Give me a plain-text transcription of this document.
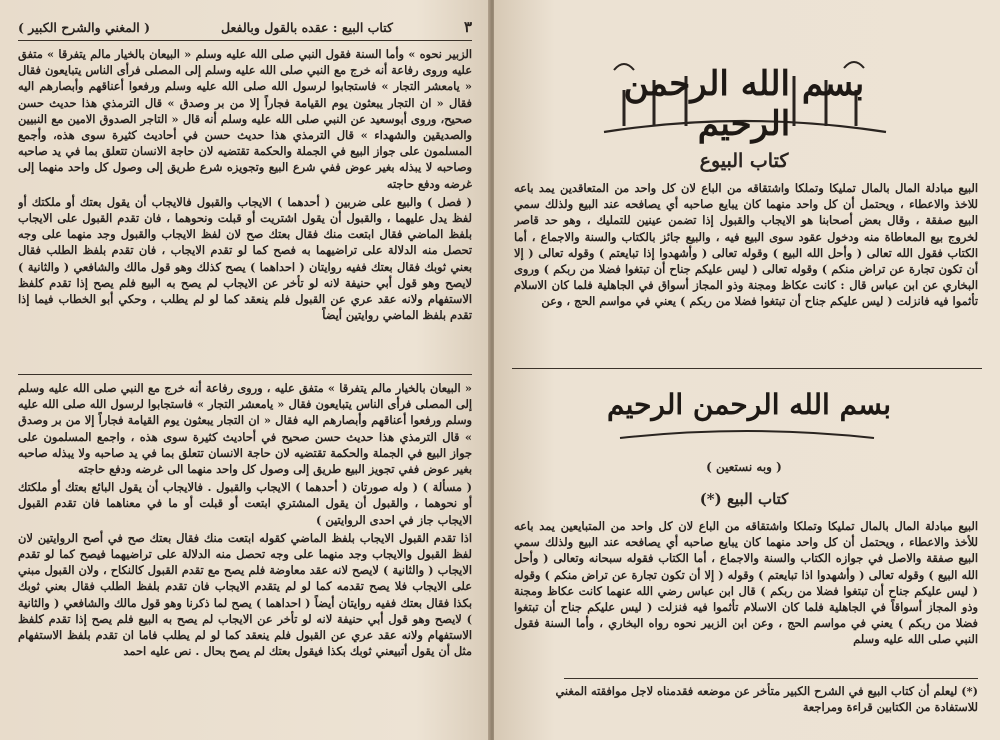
٣
كتاب البيع : عقده بالقول وبالفعل
( المغني والشرح الكبير )

الزبير نحوه » وأما السنة فقول النبي صلى الله عليه وسلم « البيعان بالخيار مالم يتفرقا » متفق عليه وروى رفاعة أنه خرج مع النبي صلى الله عليه وسلم إلى المصلى فرأى الناس يتبايعون فقال « يامعشر التجار » فاستجابوا لرسول الله صلى الله عليه وسلم ورفعوا أعناقهم وأبصارهم اليه فقال « ان التجار يبعثون يوم القيامة فجاراً إلا من بر وصدق » قال الترمذي هذا حديث حسن صحيح، وروى أبوسعيد عن النبي صلى الله عليه وسلم أنه قال « التاجر الصدوق الامين مع النبيين والصديقين والشهداء » قال الترمذي هذا حديث حسن في أحاديث كثيرة سوى هذه، وأجمع المسلمون على جواز البيع في الجملة والحكمة تقتضيه لان حاجة الانسان تتعلق بما في يد صاحبه وصاحبه لا يبذله بغير عوض ففي شرع البيع وتجويزه شرع طريق إلى وصول كل واحد منهما إلى غرضه ودفع حاجته

( فصل ) والبيع على ضربين ( أحدهما ) الايجاب والقبول فالايجاب أن يقول بعتك أو ملكتك أو لفظ يدل عليهما ، والقبول أن يقول اشتريت أو قبلت ونحوهما ، فان تقدم القبول على الايجاب بلفظ الماضي فقال ابتعت منك فقال بعتك صح لان لفظ الايجاب والقبول وجد منهما على وجه تحصل منه الدلالة على تراضيهما به فصح كما لو تقدم الايجاب ، فان تقدم بلفظ الطلب فقال بعني ثوبك فقال بعتك ففيه روايتان ( احداهما ) يصح كذلك وهو قول مالك والشافعي ( والثانية ) لايصح وهو قول أبي حنيفة لانه لو تأخر عن الايجاب لم يصح به البيع فلم يصح إذا تقدم كلفظ الاستفهام ولانه عقد عري عن القبول فلم ينعقد كما لو لم يطلب ، وحكي أبو الخطاب فيما إذا تقدم بلفظ الماضي روايتين أيضاً

« البيعان بالخيار مالم يتفرقا » متفق عليه ، وروى رفاعة أنه خرج مع النبي صلى الله عليه وسلم إلى المصلى فرأى الناس يتبايعون فقال « يامعشر التجار » فاستجابوا لرسول الله صلى الله عليه وسلم ورفعوا أعناقهم وأبصارهم اليه فقال « ان التجار يبعثون يوم القيامة فجاراً إلا من بر وصدق » قال الترمذي هذا حديث حسن صحيح في أحاديث كثيرة سوى هذه ، واجمع المسلمون على جواز البيع في الجملة والحكمة تقتضيه لان حاجة الانسان تتعلق بما في يد صاحبه ولا يبذله صاحبه بغير عوض ففي تجويز البيع طريق إلى وصول كل واحد منهما الى غرضه ودفع حاجته

( مسألة ) ( وله صورتان ( أحدهما ) الايجاب والقبول . فالايجاب أن يقول البائع بعتك أو ملكتك أو نحوهما ، والقبول أن يقول المشتري ابتعت أو قبلت أو ما في معناهما فان تقدم القبول الايجاب جاز في احدى الروايتين )

اذا تقدم القبول الايجاب بلفظ الماضي كقوله ابتعت منك فقال بعتك صح في أصح الروايتين لان لفظ القبول والايجاب وجد منهما على وجه تحصل منه الدلالة على تراضيهما فيصح كما لو تقدم الايجاب ( والثانية ) لايصح لانه عقد معاوضة فلم يصح مع تقدم القبول كالنكاح ، ولان القبول مبني على الايجاب فلا يصح تقدمه كما لو لم يتقدم الايجاب فان تقدم بلفظ الطلب فقال بعني ثوبك بكذا فقال بعتك ففيه روايتان أيضاً ( احداهما ) يصح لما ذكرنا وهو قول مالك والشافعي ( والثانية ) لايصح وهو قول أبي حنيفة لانه لو تأخر عن الايجاب لم يصح به البيع فلم يصح إذا تقدم كلفظ الاستفهام ولانه عقد عري عن القبول فلم ينعقد كما لو لم يطلب فاما ان تقدم بلفظ الاستفهام مثل أن يقول أتبيعني ثوبك بكذا فيقول بعتك لم يصح بحال . نص عليه احمد

بسم الله الرحمن الرحيم
كتاب البيوع
البيع مبادلة المال بالمال تمليكا وتملكا واشتقاقه من الباع لان كل واحد من المتعاقدين يمد باعه للاخذ والاعطاء ، ويحتمل أن كل واحد منهما كان يبايع صاحبه أي يصافحه عند البيع ولذلك سمي البيع صفقة ، وقال بعض أصحابنا هو الايجاب والقبول إذا تضمن عينين للتمليك ، وهو حد قاصر لخروج بيع المعاطاة منه ودخول عقود سوى البيع فيه ، والبيع جائز بالكتاب والسنة والاجماع ، أما الكتاب فقول الله تعالى ( وأحل الله البيع ) وقوله تعالى ( وأشهدوا إذا تبايعتم ) وقوله تعالى ( إلا أن تكون تجارة عن تراض منكم ) وقوله تعالى ( ليس عليكم جناح أن تبتغوا فضلا من ربكم ) وروى البخاري عن ابن عباس قال : كانت عكاظ ومجنة وذو المجاز أسواق في الجاهلية فلما كان الاسلام تأثموا فيه فانزلت ( ليس عليكم جناح أن تبتغوا فضلا من ربكم ) يعني في مواسم الحج ، وعن
بسم الله الرحمن الرحيم
( وبه نستعين )
كتاب البيع (*)
البيع مبادلة المال بالمال تمليكا وتملكا واشتقاقه من الباع لان كل واحد من المتبايعين يمد باعه للأخذ والاعطاء ، ويحتمل أن كل واحد منهما كان يبايع صاحبه أي يصافحه عند البيع ولذلك سمي البيع صفقة والاصل في جوازه الكتاب والسنة والاجماع ، أما الكتاب فقوله سبحانه وتعالى ( وأحل الله البيع ) وقوله تعالى ( وأشهدوا اذا تبايعتم ) وقوله ( إلا أن تكون تجارة عن تراض منكم ) وقوله ( ليس عليكم جناح أن تبتغوا فضلا من ربكم ) قال ابن عباس رضي الله عنهما كانت عكاظ ومجنة وذو المجاز أسواقاً في الجاهلية فلما كان الاسلام تأثموا فيه فنزلت ( ليس عليكم جناح أن تبتغوا فضلا من ربكم ) يعني في مواسم الحج ، وعن ابن الزبير نحوه رواه البخاري ، وأما السنة فقول النبي صلى الله عليه وسلم
(*) ليعلم أن كتاب البيع في الشرح الكبير متأخر عن موضعه فقدمناه لاجل موافقته المغني للاستفادة من الكتابين قراءة ومراجعة
